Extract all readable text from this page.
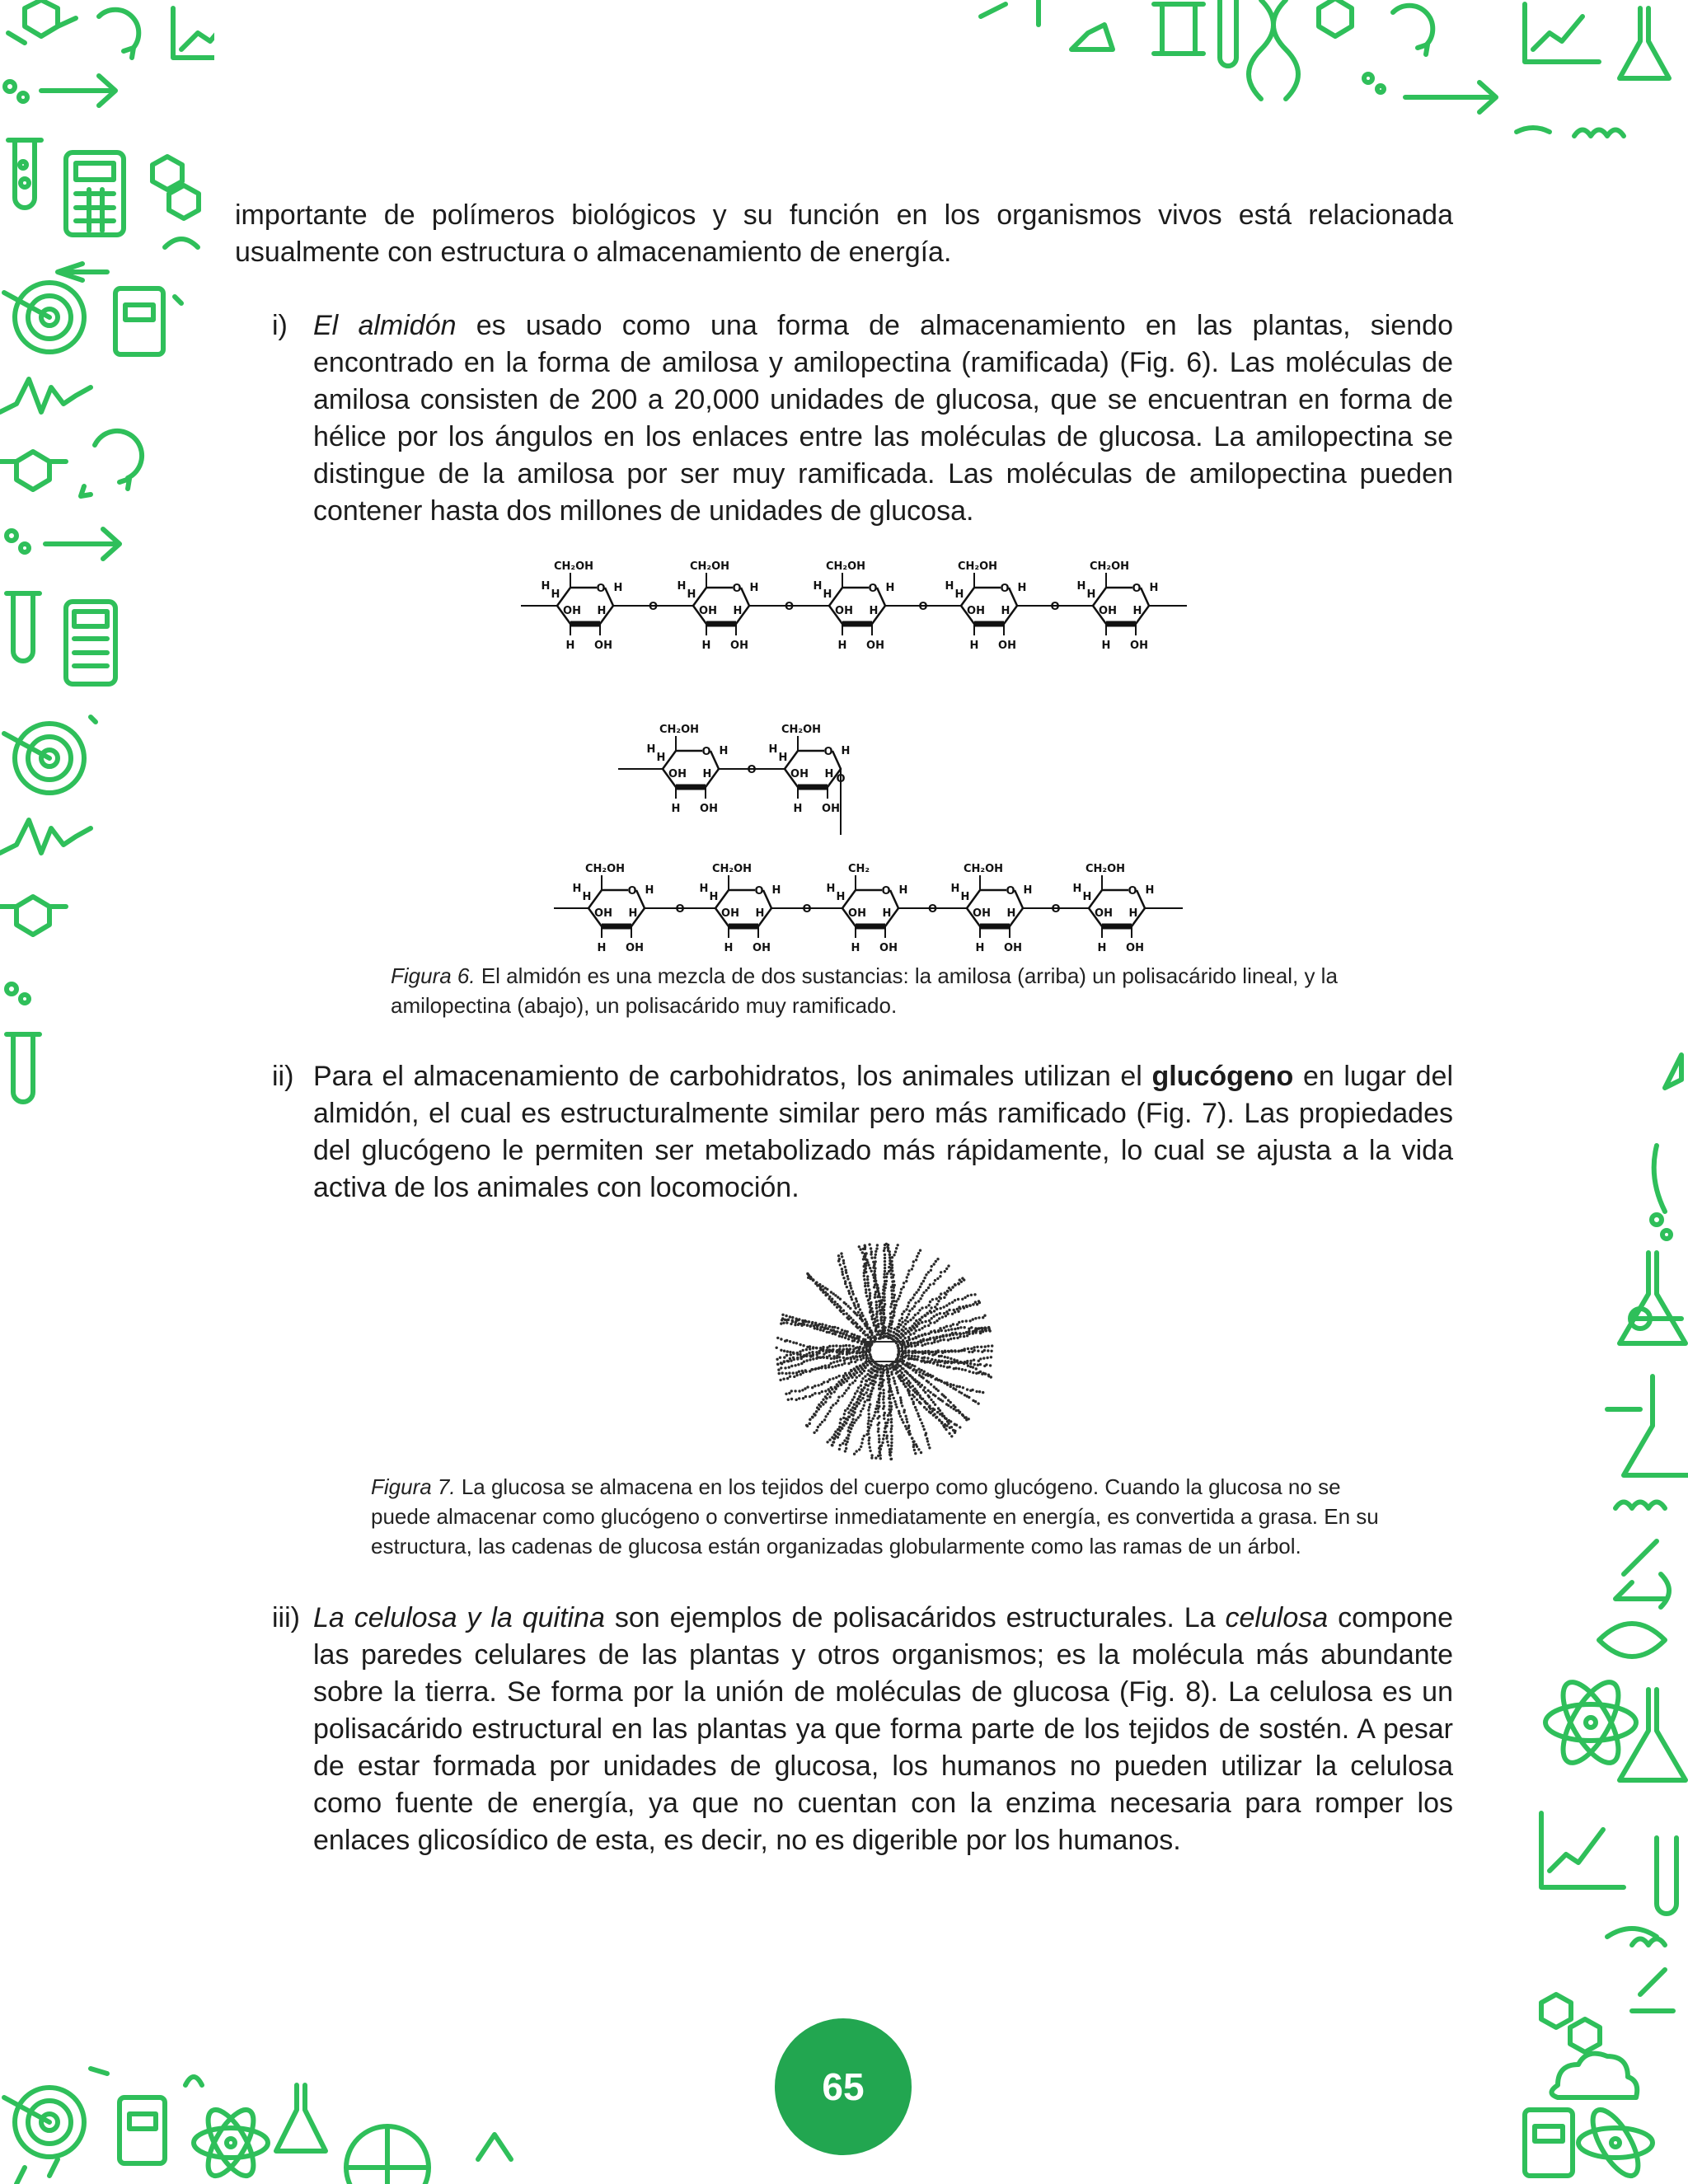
importante de polímeros biológicos y su función en los organismos vivos está relacionada usualmente con estructura o almacenamiento de energía.

i) El almidón es usado como una forma de almacenamiento en las plantas, siendo encontrado en la forma de amilosa y amilopectina (ramificada) (Fig. 6). Las moléculas de amilosa consisten de 200 a 20,000 unidades de glucosa, que se encuentran en forma de hélice por los ángulos en los enlaces entre las moléculas de glucosa. La amilopectina se distingue de la amilosa por ser muy ramificada. Las moléculas de amilopectina pueden contener hasta dos millones de unidades de glucosa.

O
CH₂OH
H
H
H
OH H
H OH
O
O
CH₂OH
H
H
H
OH H
H OH
O
O
CH₂OH
H
H
H
OH H
H OH
O
O
CH₂OH
H
H
H
OH H
H OH
O
O
CH₂OH
H
H
H
OH H
H OH
O
CH₂OH
H
H
H
OH H
H OH
O
O
CH₂OH
H
H
H
OH H
H OH
O
O
CH₂OH
H
H
H
OH H
H OH
O
O
CH₂OH
H
H
H
OH H
H OH
O
O
CH₂
H
H
H
OH H
H OH
O
O
CH₂OH
H
H
H
OH H
H OH
O
O
CH₂OH
H
H
H
OH H
H OH
Figura 6. El almidón es una mezcla de dos sustancias: la amilosa (arriba) un polisacárido lineal, y la amilopectina (abajo), un polisacárido muy ramificado.
ii) Para el almacenamiento de carbohidratos, los animales utilizan el glucógeno en lugar del almidón, el cual es estructuralmente similar pero más ramificado (Fig. 7). Las propiedades del glucógeno le permiten ser metabolizado más rápidamente, lo cual se ajusta a la vida activa de los animales con locomoción.

Figura 7. La glucosa se almacena en los tejidos del cuerpo como glucógeno. Cuando la glucosa no se puede almacenar como glucógeno o convertirse inmediatamente en energía, es convertida a grasa. En su estructura, las cadenas de glucosa están organizadas globularmente como las ramas de un árbol.
iii) La celulosa y la quitina son ejemplos de polisacáridos estructurales. La celulosa compone las paredes celulares de las plantas y otros organismos; es la molécula más abundante sobre la tierra. Se forma por la unión de moléculas de glucosa (Fig. 8). La celulosa es un polisacárido estructural en las plantas ya que forma parte de los tejidos de sostén. A pesar de estar formada por unidades de glucosa, los humanos no pueden utilizar la celulosa como fuente de energía, ya que no cuentan con la enzima necesaria para romper los enlaces glicosídico de esta, es decir, no es digerible por los humanos.

65
